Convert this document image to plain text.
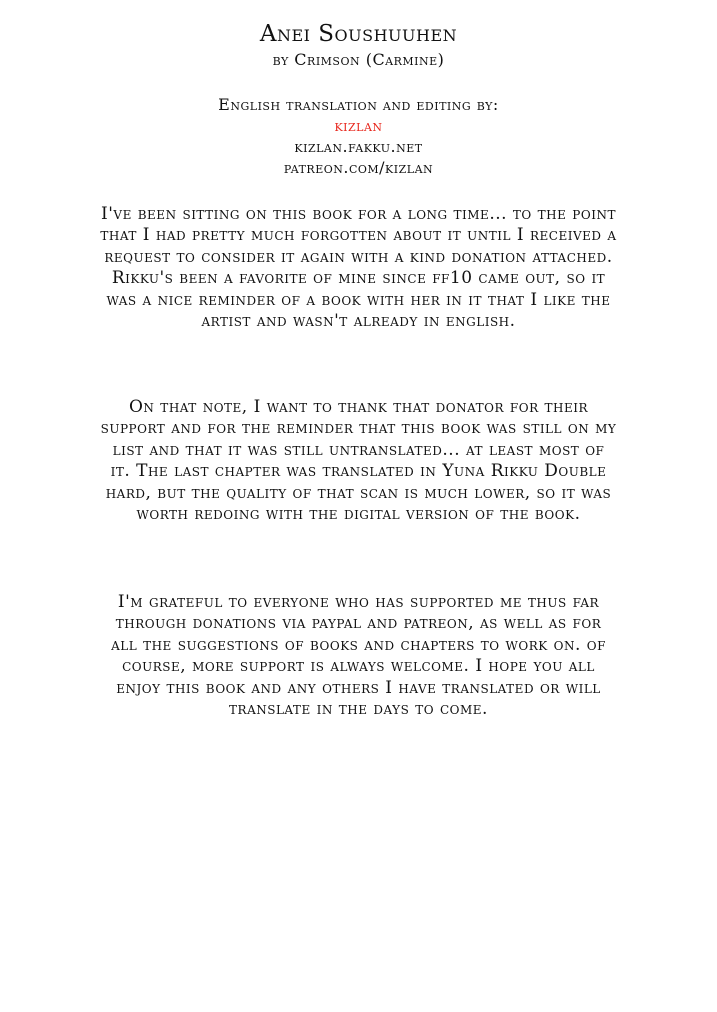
Anei Soushuuhen
by Crimson (Carmine)
English translation and editing by:
kizlan
kizlan.fakku.net
patreon.com/kizlan
I've been sitting on this book for a long time... to the point that I had pretty much forgotten about it until I received a request to consider it again with a kind donation attached. Rikku's been a favorite of mine since ff10 came out, so it was a nice reminder of a book with her in it that I like the artist and wasn't already in english.
On that note, I want to thank that donator for their support and for the reminder that this book was still on my list and that it was still untranslated... at least most of it. The last chapter was translated in Yuna Rikku Double hard, but the quality of that scan is much lower, so it was worth redoing with the digital version of the book.
I'm grateful to everyone who has supported me thus far through donations via paypal and patreon, as well as for all the suggestions of books and chapters to work on. of course, more support is always welcome. I hope you all enjoy this book and any others I have translated or will translate in the days to come.
